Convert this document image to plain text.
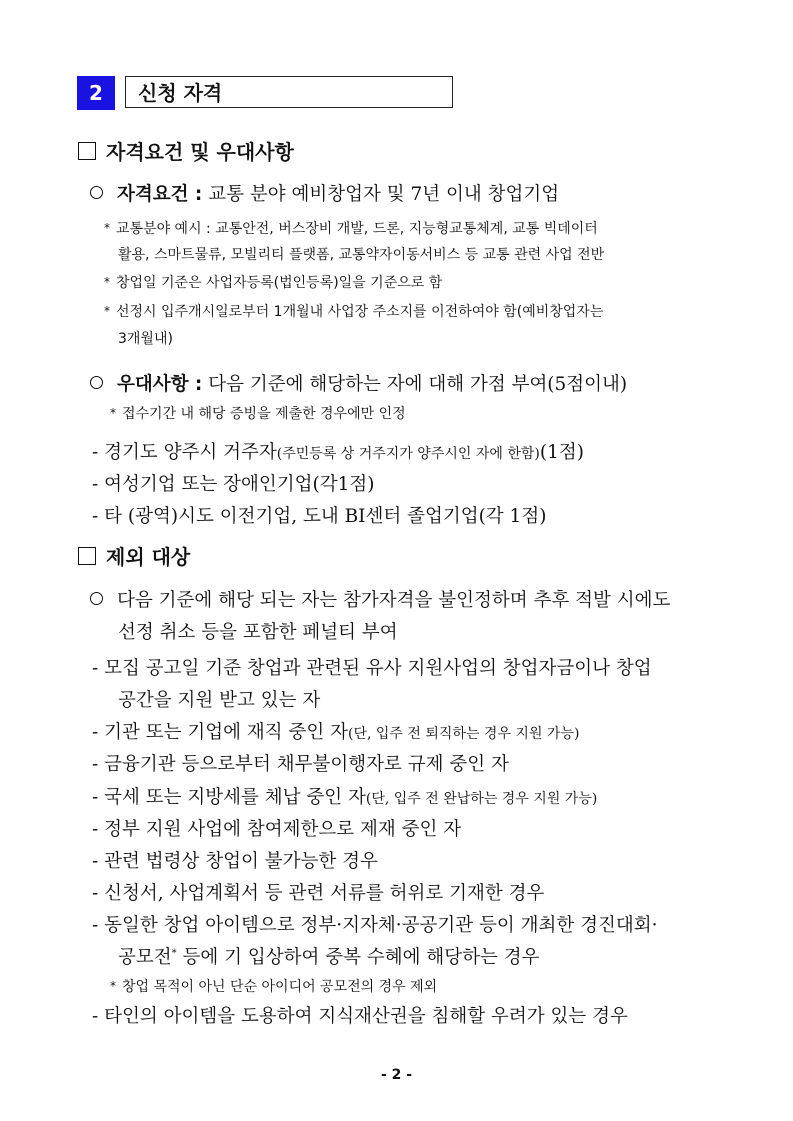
2	신청 자격
자격요건 및 우대사항
자격요건 : 교통 분야 예비창업자 및 7년 이내 창업기업
* 교통분야 예시 : 교통안전, 버스장비 개발, 드론, 지능형교통체계, 교통 빅데이터
활용, 스마트물류, 모빌리티 플랫폼, 교통약자이동서비스 등 교통 관련 사업 전반
* 창업일 기준은 사업자등록(법인등록)일을 기준으로 함
* 선정시 입주개시일로부터 1개월내 사업장 주소지를 이전하여야 함(예비창업자는
3개월내)
우대사항 : 다음 기준에 해당하는 자에 대해 가점 부여(5점이내)
* 접수기간 내 해당 증빙을 제출한 경우에만 인정
- 경기도 양주시 거주자(주민등록 상 거주지가 양주시인 자에 한함)(1점)
- 여성기업 또는 장애인기업(각1점)
- 타 (광역)시도 이전기업, 도내 BI센터 졸업기업(각 1점)
제외 대상
다음 기준에 해당 되는 자는 참가자격을 불인정하며 추후 적발 시에도
선정 취소 등을 포함한 페널티 부여
- 모집 공고일 기준 창업과 관련된 유사 지원사업의 창업자금이나 창업
공간을 지원 받고 있는 자
- 기관 또는 기업에 재직 중인 자(단, 입주 전 퇴직하는 경우 지원 가능)
- 금융기관 등으로부터 채무불이행자로 규제 중인 자
- 국세 또는 지방세를 체납 중인 자(단, 입주 전 완납하는 경우 지원 가능)
- 정부 지원 사업에 참여제한으로 제재 중인 자
- 관련 법령상 창업이 불가능한 경우
- 신청서, 사업계획서 등 관련 서류를 허위로 기재한 경우
- 동일한 창업 아이템으로 정부·지자체·공공기관 등이 개최한 경진대회·
공모전* 등에 기 입상하여 중복 수혜에 해당하는 경우
* 창업 목적이 아닌 단순 아이디어 공모전의 경우 제외
- 타인의 아이템을 도용하여 지식재산권을 침해할 우려가 있는 경우
- 2 -
